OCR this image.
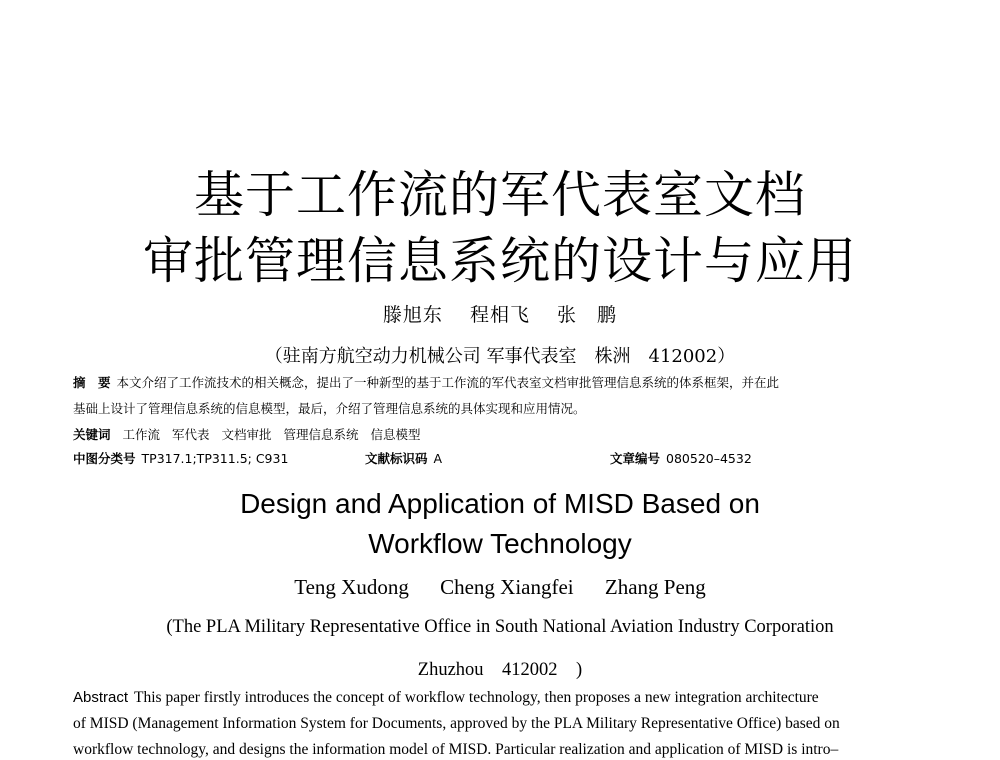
基于工作流的军代表室文档
审批管理信息系统的设计与应用
滕旭东 程相飞 张　鹏
（驻南方航空动力机械公司 军事代表室　株洲　412002）
摘　要 本文介绍了工作流技术的相关概念，提出了一种新型的基于工作流的军代表室文档审批管理信息系统的体系框架，并在此
基础上设计了管理信息系统的信息模型，最后，介绍了管理信息系统的具体实现和应用情况。
关键词 工作流 军代表 文档审批 管理信息系统 信息模型
中图分类号 TP317.1;TP311.5; C931	文献标识码 A	文章编号 080520–4532
Design and Application of MISD Based on
Workflow Technology
Teng Xudong Cheng Xiangfei Zhang Peng
(The PLA Military Representative Office in South National Aviation Industry Corporation
Zhuzhou　412002　)
Abstract This paper firstly introduces the concept of workflow technology, then proposes a new integration architecture
of MISD (Management Information System for Documents, approved by the PLA Military Representative Office) based on
workflow technology, and designs the information model of MISD. Particular realization and application of MISD is intro–
